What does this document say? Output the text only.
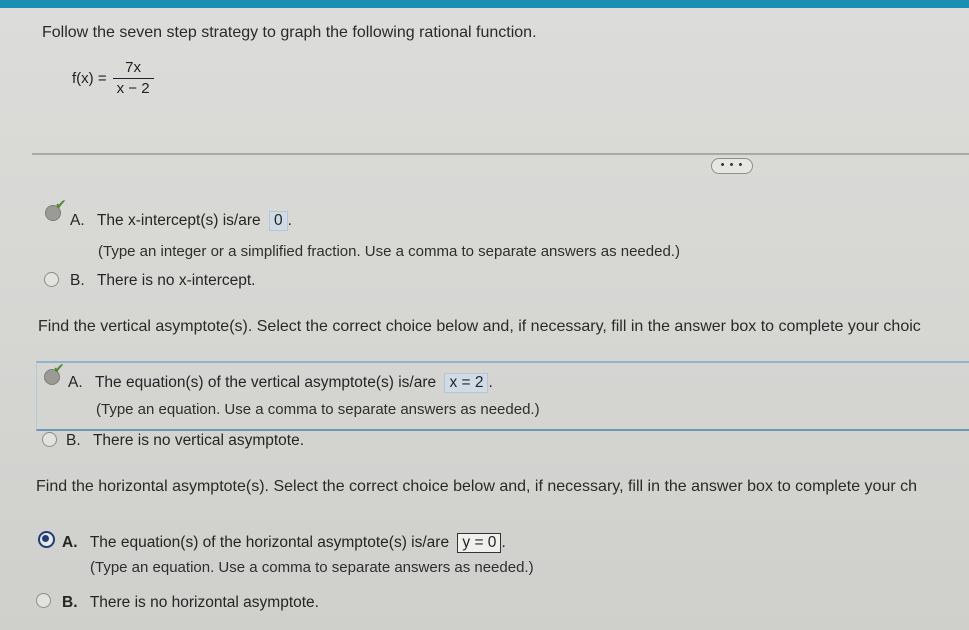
Follow the seven step strategy to graph the following rational function.
$f(x) = \frac{7x}{x - 2}$
• • •
✔
A. The x-intercept(s) is/are 0 .
(Type an integer or a simplified fraction. Use a comma to separate answers as needed.)
B. There is no x-intercept.
Find the vertical asymptote(s). Select the correct choice below and, if necessary, fill in the answer box to complete your choic
✔
A. The equation(s) of the vertical asymptote(s) is/are x = 2 .
(Type an equation. Use a comma to separate answers as needed.)
B. There is no vertical asymptote.
Find the horizontal asymptote(s). Select the correct choice below and, if necessary, fill in the answer box to complete your ch
A. The equation(s) of the horizontal asymptote(s) is/are y = 0 .
(Type an equation. Use a comma to separate answers as needed.)
B. There is no horizontal asymptote.
